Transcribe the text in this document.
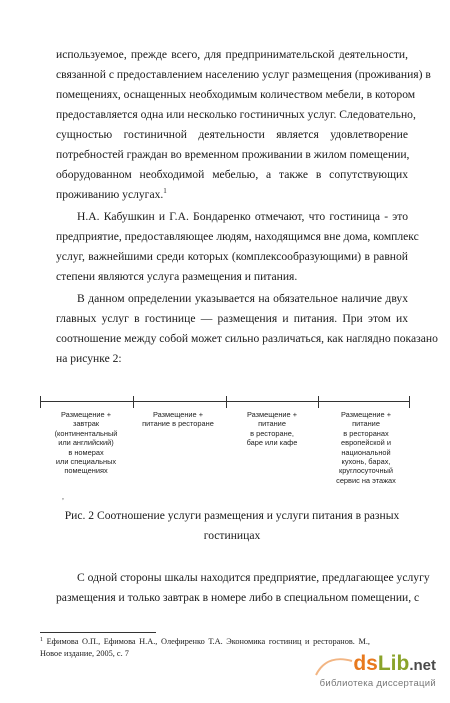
используемое, прежде всего, для предпринимательской деятельности,
связанной с предоставлением населению услуг размещения (проживания) в
помещениях, оснащенных необходимым количеством мебели, в котором
предоставляется одна или несколько гостиничных услуг. Следовательно,
сущностью гостиничной деятельности является удовлетворение
потребностей граждан во временном проживании в жилом помещении,
оборудованном необходимой мебелью, а также в сопутствующих
проживанию услугах.$^1$
Н.А. Кабушкин и Г.А. Бондаренко отмечают, что гостиница - это
предприятие, предоставляющее людям, находящимся вне дома, комплекс
услуг, важнейшими среди которых (комплексообразующими) в равной
степени являются услуга размещения и питания.
В данном определении указывается на обязательное наличие двух
главных услуг в гостинице — размещения и питания. При этом их
соотношение между собой может сильно различаться, как наглядно показано
на рисунке 2:
Размещение +
завтрак
(континентальный
или английский)
в номерах
или специальных
помещениях
Размещение +
питание в ресторане
Размещение +
питание
в ресторане,
баре или кафе
Размещение +
питание
в ресторанах
европейской и
национальной
кухонь, барах,
круглосуточный
сервис на этажах
,
Рис. 2 Соотношение услуги размещения и услуги питания в разных
гостиницах
С одной стороны шкалы находится предприятие, предлагающее услугу
размещения и только завтрак в номере либо в специальном помещении, с
$^1$ Ефимова О.П., Ефимова Н.А., Олефиренко Т.А. Экономика гостиниц и ресторанов. М., Новое издание, 2005, с. 7	dsLib.net
библиотека диссертаций
